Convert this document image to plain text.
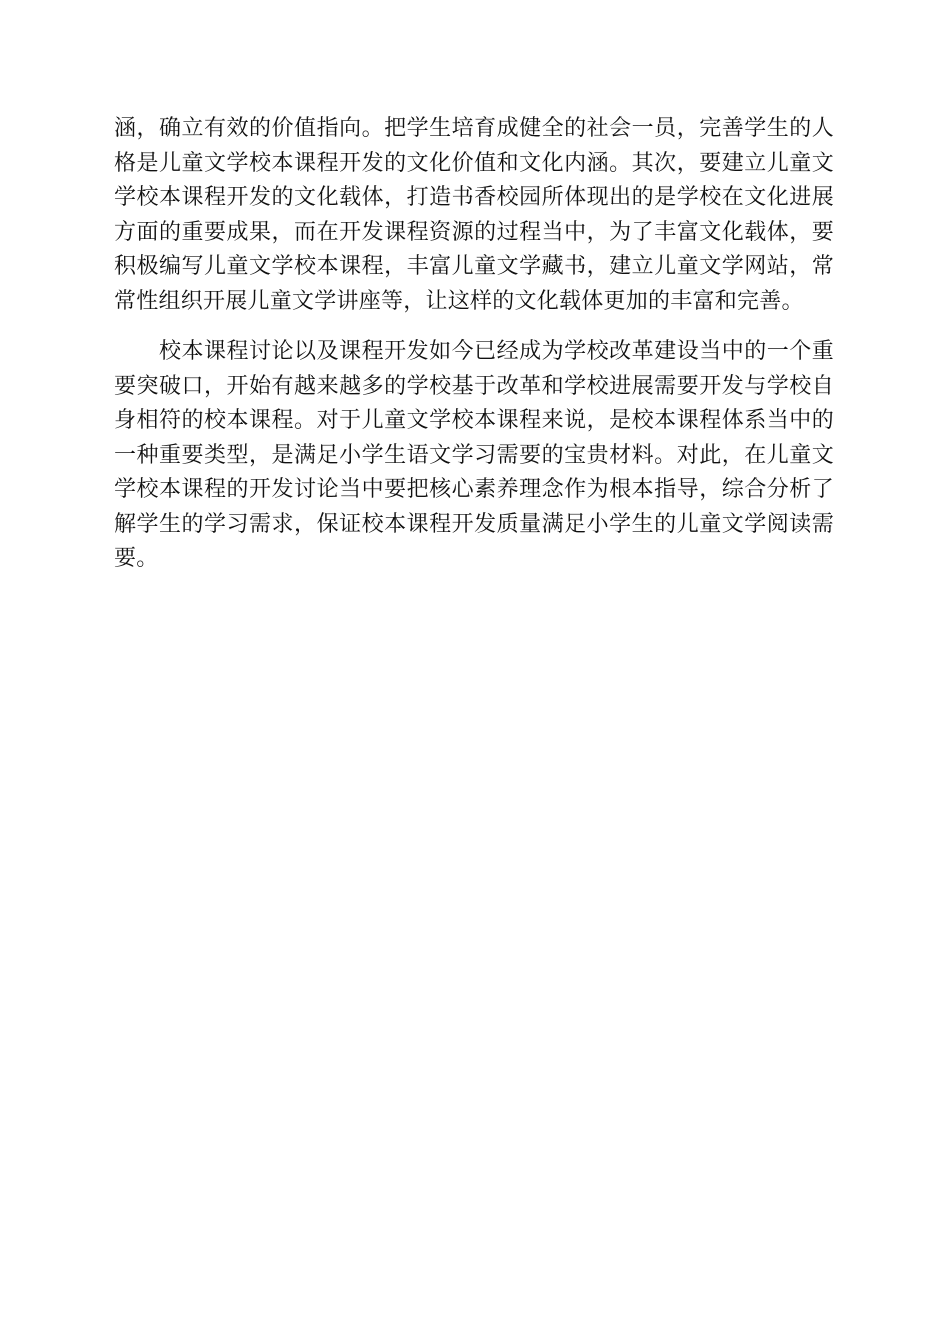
涵，确立有效的价值指向。把学生培育成健全的社会一员，完善学生的人
格是儿童文学校本课程开发的文化价值和文化内涵。其次，要建立儿童文
学校本课程开发的文化载体，打造书香校园所体现出的是学校在文化进展
方面的重要成果，而在开发课程资源的过程当中，为了丰富文化载体，要
积极编写儿童文学校本课程，丰富儿童文学藏书，建立儿童文学网站，常
常性组织开展儿童文学讲座等，让这样的文化载体更加的丰富和完善。
　　校本课程讨论以及课程开发如今已经成为学校改革建设当中的一个重
要突破口，开始有越来越多的学校基于改革和学校进展需要开发与学校自
身相符的校本课程。对于儿童文学校本课程来说，是校本课程体系当中的
一种重要类型，是满足小学生语文学习需要的宝贵材料。对此，在儿童文
学校本课程的开发讨论当中要把核心素养理念作为根本指导，综合分析了
解学生的学习需求，保证校本课程开发质量满足小学生的儿童文学阅读需
要。
